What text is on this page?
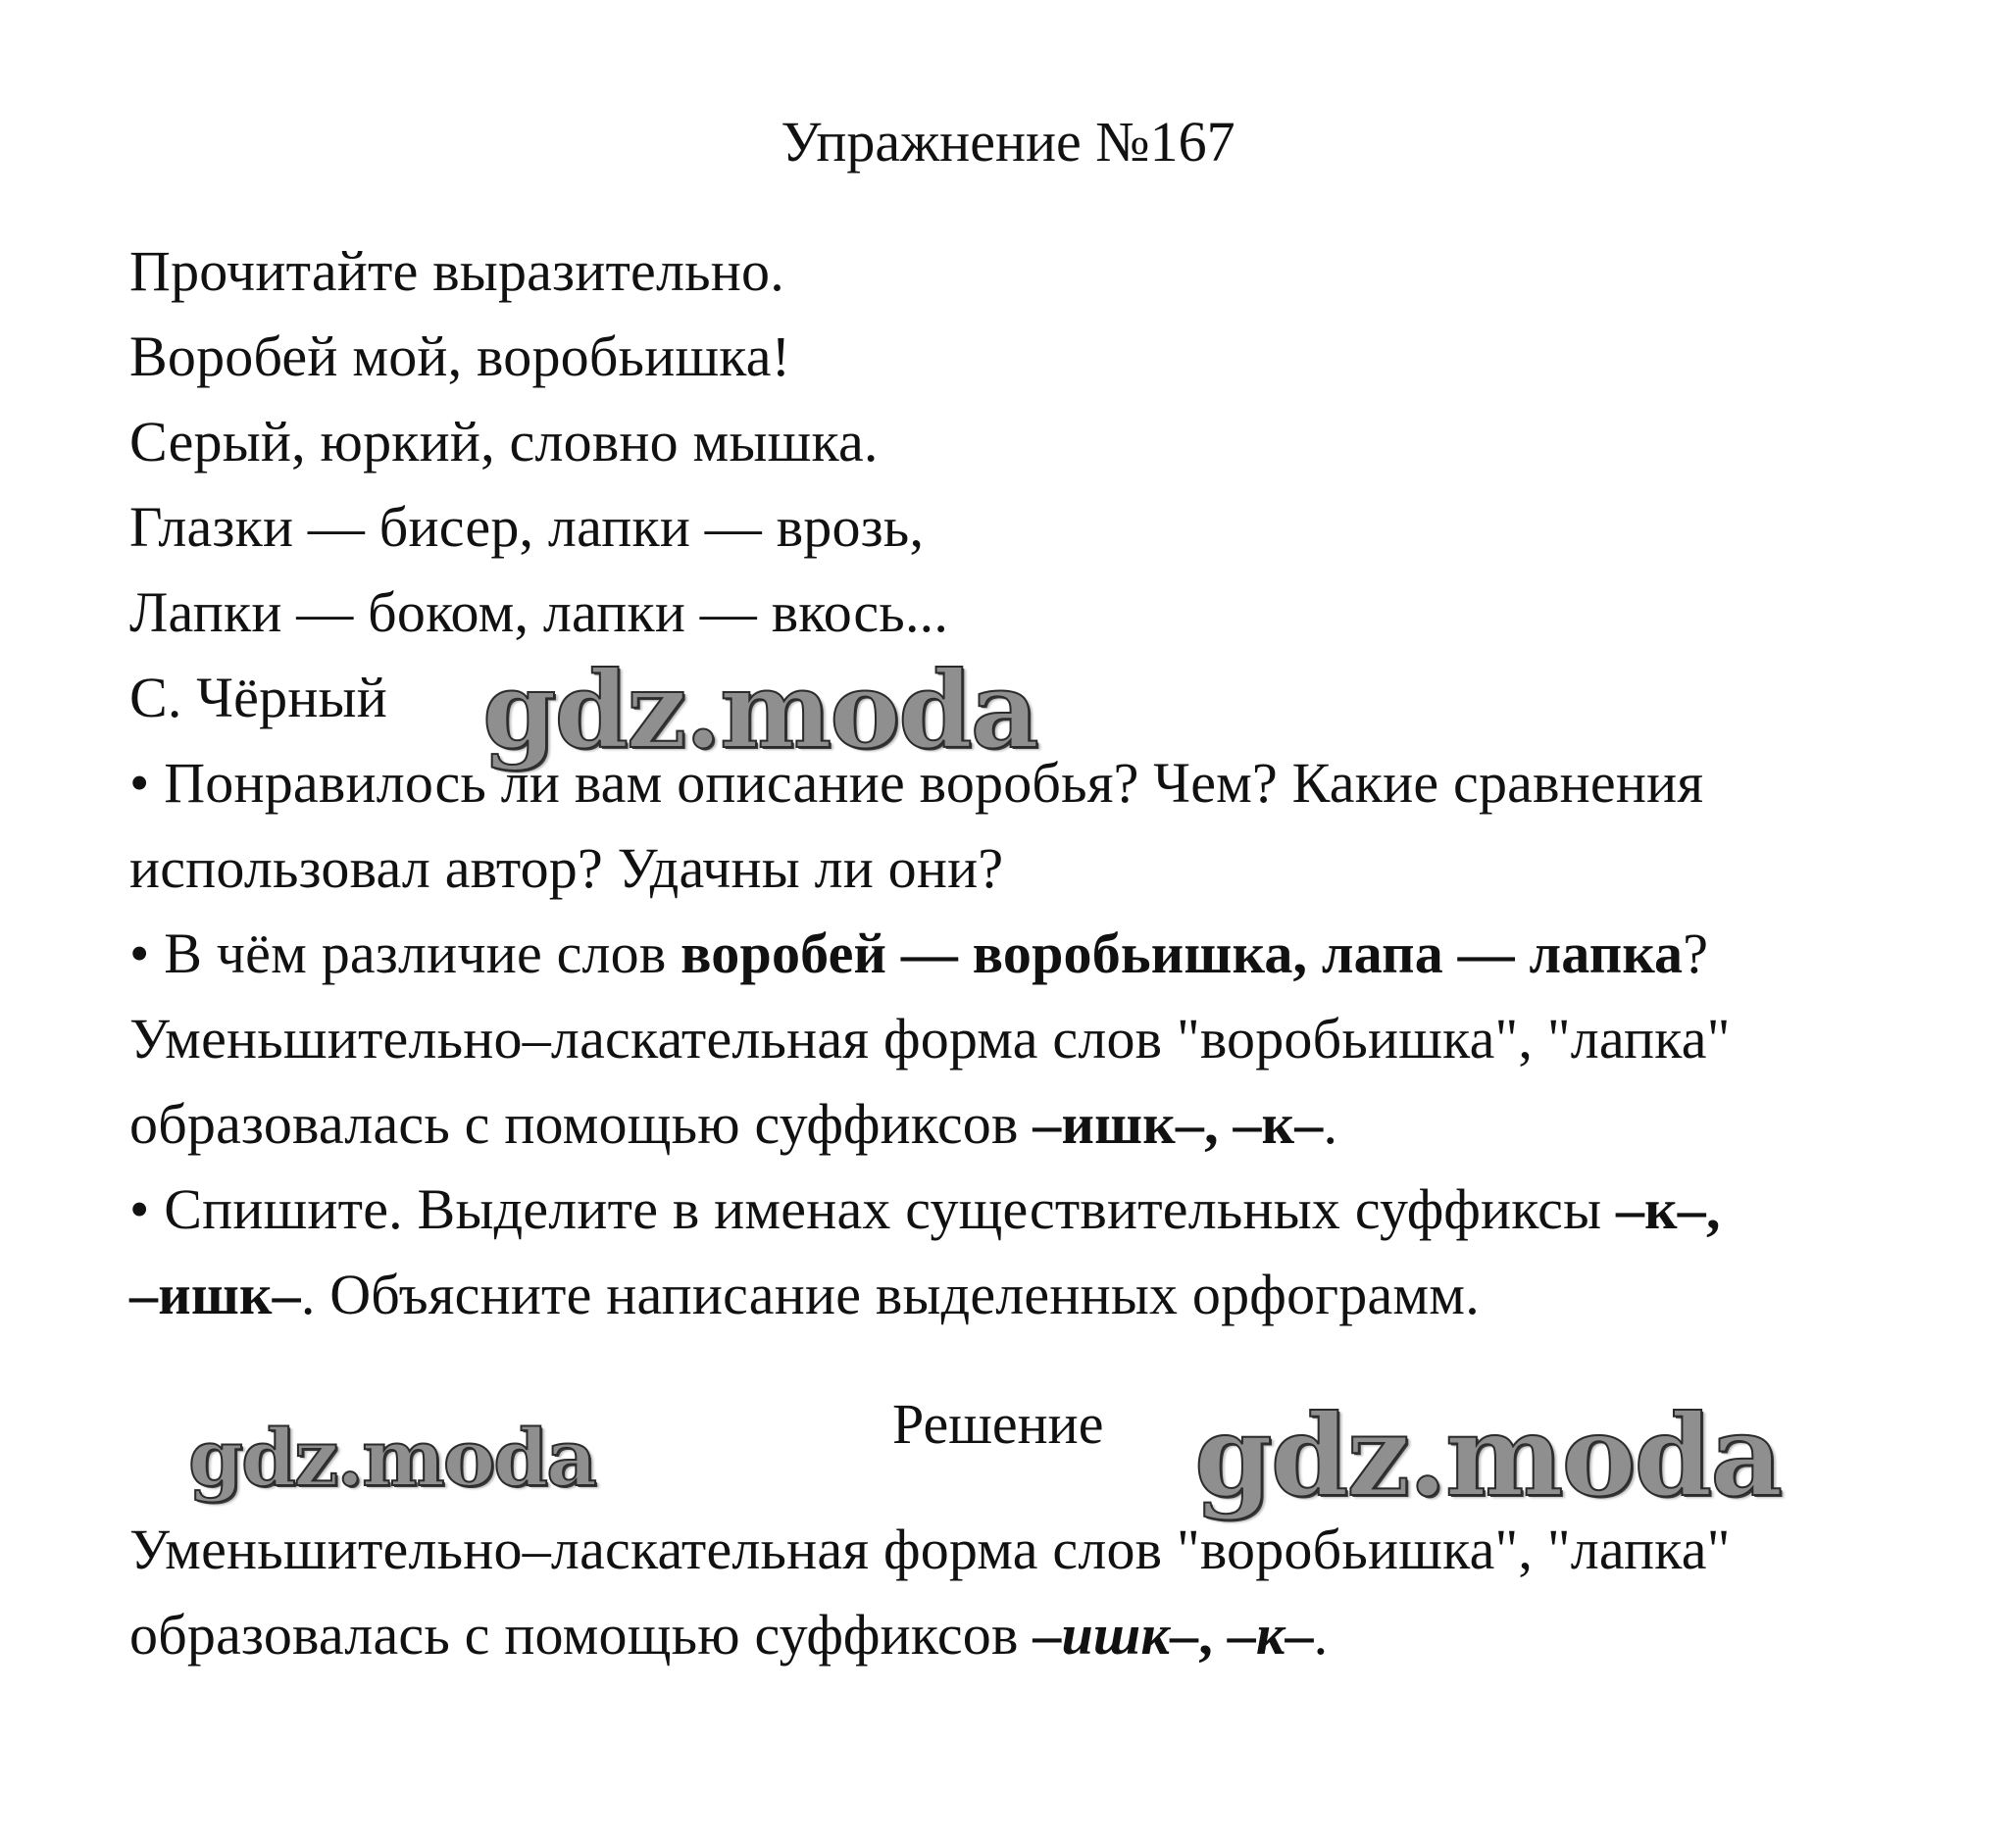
Упражнение №167

Прочитайте выразительно.

Воробей мой, воробьишка!

Серый, юркий, словно мышка.

Глазки — бисер, лапки — врозь,

Лапки — боком, лапки — вкось...

С. Чёрный

• Понравилось ли вам описание воробья? Чем? Какие сравнения

использовал автор? Удачны ли они?

• В чём различие слов воробей — воробьишка, лапа — лапка?

Уменьшительно–ласкательная форма слов "воробьишка", "лапка"

образовалась с помощью суффиксов –ишк–, –к–.

• Спишите. Выделите в именах существительных суффиксы –к–,

–ишк–. Объясните написание выделенных орфограмм.

Решение

Уменьшительно–ласкательная форма слов "воробьишка", "лапка"

образовалась с помощью суффиксов –ишк–, –к–.

gdz.moda
gdz.moda	gdz.moda
